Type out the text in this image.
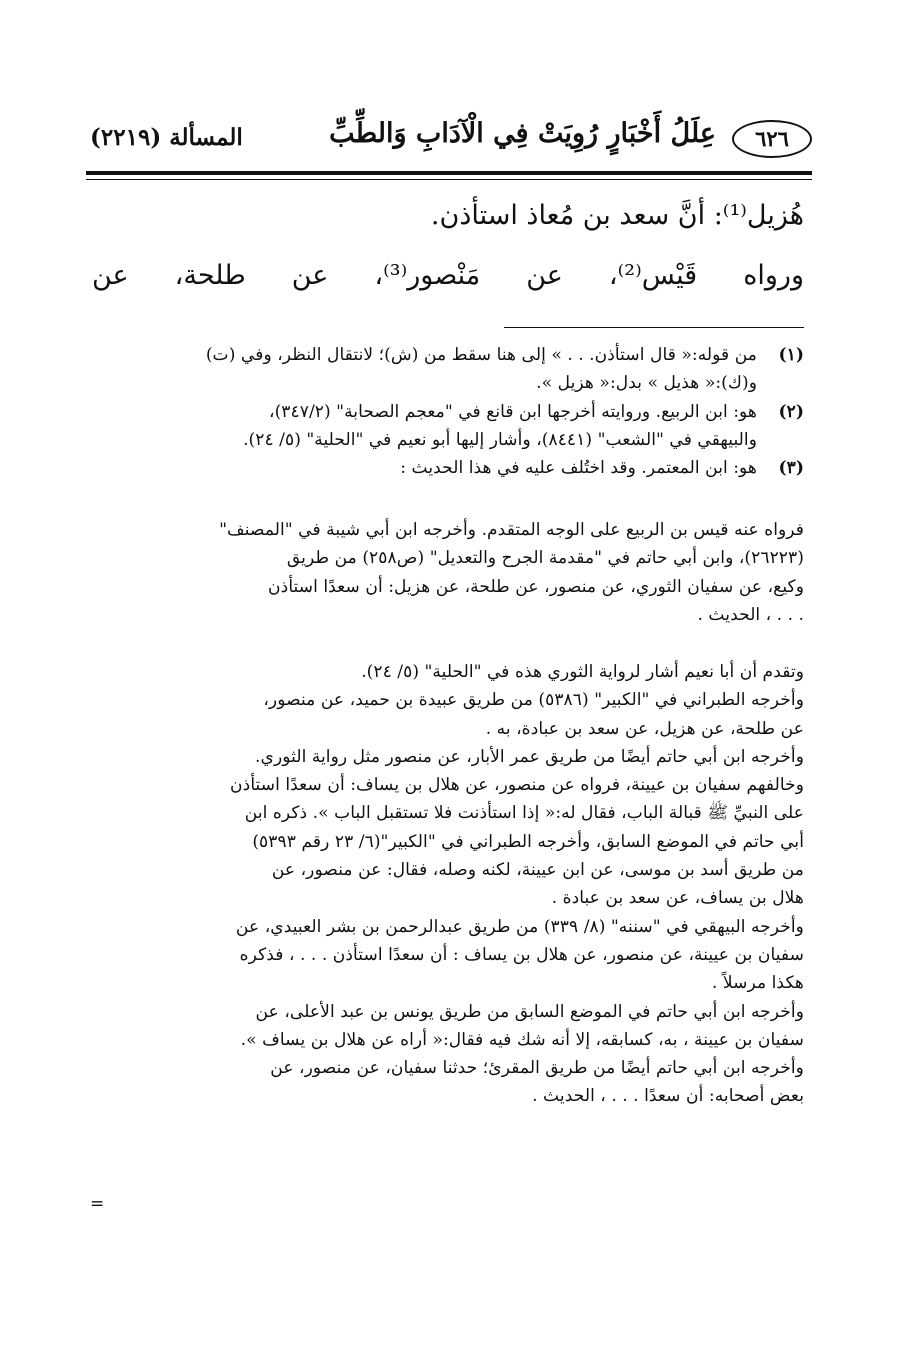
٦٢٦
عِلَلُ أَخْبَارٍ رُوِيَتْ فِي الْآدَابِ وَالطِّبِّ
المسألة (٢٢١٩)

هُزيل⁽¹⁾: أنَّ سعد بن مُعاذ استأذن.

ورواه قَيْس⁽²⁾، عن مَنْصور⁽³⁾، عن طلحة، عن

(١)

من قوله:« قال استأذن. . . » إلى هنا سقط من (ش)؛ لانتقال النظر، وفي (ت)

و(ك):« هذيل » بدل:« هزيل ».

(٢)

هو: ابن الربيع. وروايته أخرجها ابن قانع في "معجم الصحابة" (٣٤٧/٢)،

والبيهقي في "الشعب" (٨٤٤١)، وأشار إليها أبو نعيم في "الحلية" (٥/ ٢٤).

(٣)

هو: ابن المعتمر. وقد اختُلف عليه في هذا الحديث :

فرواه عنه قيس بن الربيع على الوجه المتقدم. وأخرجه ابن أبي شيبة في "المصنف"

(٢٦٢٢٣)، وابن أبي حاتم في "مقدمة الجرح والتعديل" (ص٢٥٨) من طريق

وكيع، عن سفيان الثوري، عن منصور، عن طلحة، عن هزيل: أن سعدًا استأذن

. . . ، الحديث .

وتقدم أن أبا نعيم أشار لرواية الثوري هذه في "الحلية" (٥/ ٢٤).

وأخرجه الطبراني في "الكبير" (٥٣٨٦) من طريق عبيدة بن حميد، عن منصور،

عن طلحة، عن هزيل، عن سعد بن عبادة، به .

وأخرجه ابن أبي حاتم أيضًا من طريق عمر الأبار، عن منصور مثل رواية الثوري.

وخالفهم سفيان بن عيينة، فرواه عن منصور، عن هلال بن يساف: أن سعدًا استأذن

على النبيِّ ﷺ قبالة الباب، فقال له:« إذا استأذنت فلا تستقبل الباب ». ذكره ابن

أبي حاتم في الموضع السابق، وأخرجه الطبراني في "الكبير"(٦/ ٢٣ رقم ٥٣٩٣)

من طريق أسد بن موسى، عن ابن عيينة، لكنه وصله، فقال: عن منصور، عن

هلال بن يساف، عن سعد بن عبادة .

وأخرجه البيهقي في "سننه" (٨/ ٣٣٩) من طريق عبدالرحمن بن بشر العبيدي، عن

سفيان بن عيينة، عن منصور، عن هلال بن يساف : أن سعدًا استأذن . . . ، فذكره

هكذا مرسلاً .

وأخرجه ابن أبي حاتم في الموضع السابق من طريق يونس بن عبد الأعلى، عن

سفيان بن عيينة ، به، كسابقه، إلا أنه شك فيه فقال:« أراه عن هلال بن يساف ».

وأخرجه ابن أبي حاتم أيضًا من طريق المقرئ؛ حدثنا سفيان، عن منصور، عن

بعض أصحابه: أن سعدًا . . . ، الحديث .

=
